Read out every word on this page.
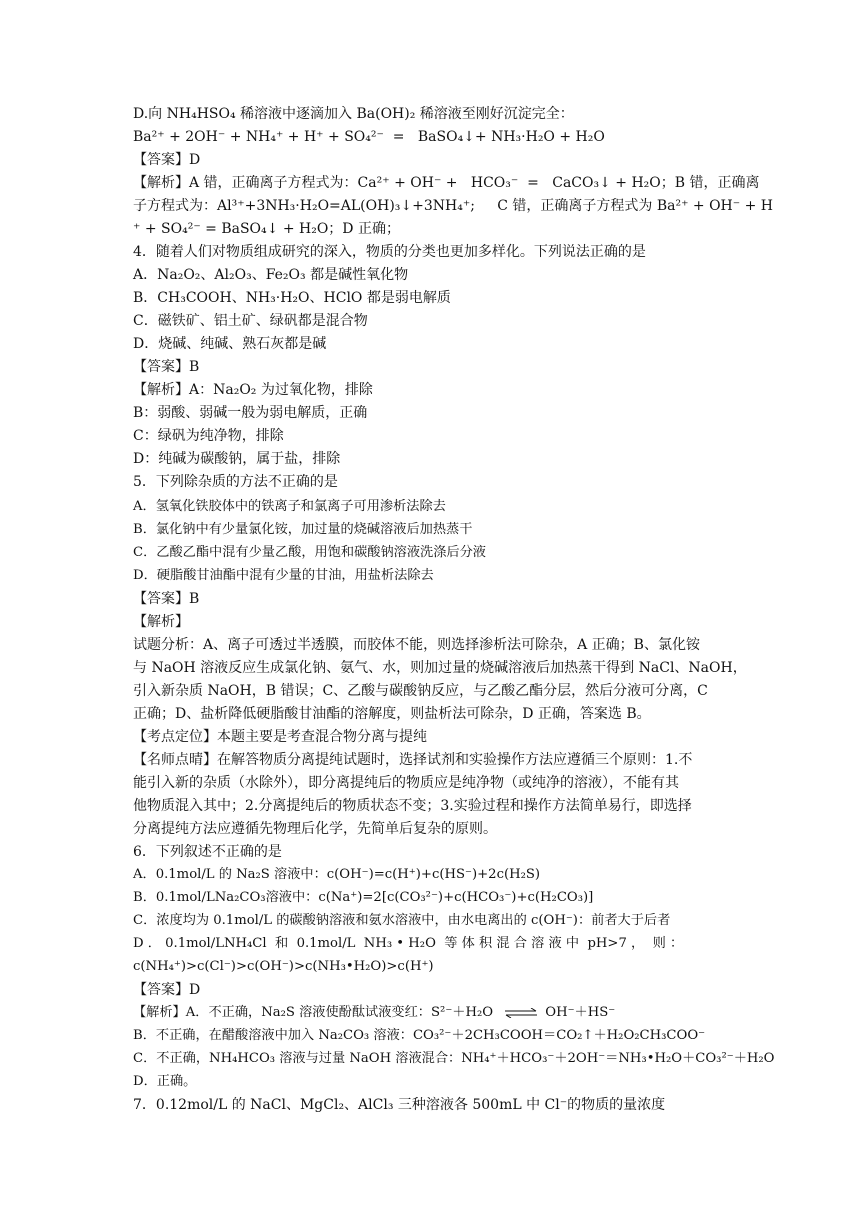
D.向 NH₄HSO₄ 稀溶液中逐滴加入 Ba(OH)₂ 稀溶液至刚好沉淀完全：
Ba²⁺ + 2OH⁻ + NH₄⁺ + H⁺ + SO₄²⁻  =   BaSO₄↓+ NH₃·H₂O + H₂O
【答案】D
【解析】A 错，正确离子方程式为：Ca²⁺ + OH⁻ +   HCO₃⁻  =   CaCO₃↓ + H₂O；B 错，正确离
子方程式为：Al³⁺+3NH₃·H₂O=AL(OH)₃↓+3NH₄⁺;     C 错，正确离子方程式为 Ba²⁺ + OH⁻ + H
⁺ + SO₄²⁻ = BaSO₄↓ + H₂O；D 正确；
4．随着人们对物质组成研究的深入，物质的分类也更加多样化。下列说法正确的是
A．Na₂O₂、Al₂O₃、Fe₂O₃ 都是碱性氧化物
B．CH₃COOH、NH₃·H₂O、HClO 都是弱电解质
C．磁铁矿、铝土矿、绿矾都是混合物
D．烧碱、纯碱、熟石灰都是碱
【答案】B
【解析】A：Na₂O₂ 为过氧化物，排除
B：弱酸、弱碱一般为弱电解质，正确
C：绿矾为纯净物，排除
D：纯碱为碳酸钠，属于盐，排除
5．下列除杂质的方法不正确的是
A．氢氧化铁胶体中的铁离子和氯离子可用渗析法除去
B．氯化钠中有少量氯化铵，加过量的烧碱溶液后加热蒸干
C．乙酸乙酯中混有少量乙酸，用饱和碳酸钠溶液洗涤后分液
D．硬脂酸甘油酯中混有少量的甘油，用盐析法除去
【答案】B
【解析】
试题分析：A、离子可透过半透膜，而胶体不能，则选择渗析法可除杂，A 正确；B、氯化铵
与 NaOH 溶液反应生成氯化钠、氨气、水，则加过量的烧碱溶液后加热蒸干得到 NaCl、NaOH，
引入新杂质 NaOH，B 错误；C、乙酸与碳酸钠反应，与乙酸乙酯分层，然后分液可分离，C
正确；D、盐析降低硬脂酸甘油酯的溶解度，则盐析法可除杂，D 正确，答案选 B。
【考点定位】本题主要是考查混合物分离与提纯
【名师点晴】在解答物质分离提纯试题时，选择试剂和实验操作方法应遵循三个原则：1.不
能引入新的杂质（水除外），即分离提纯后的物质应是纯净物（或纯净的溶液），不能有其
他物质混入其中；2.分离提纯后的物质状态不变；3.实验过程和操作方法简单易行，即选择
分离提纯方法应遵循先物理后化学，先简单后复杂的原则。
6．下列叙述不正确的是
A．0.1mol/L 的 Na₂S 溶液中：c(OH⁻)=c(H⁺)+c(HS⁻)+2c(H₂S)
B．0.1mol/LNa₂CO₃溶液中：c(Na⁺)=2[c(CO₃²⁻)+c(HCO₃⁻)+c(H₂CO₃)]
C．浓度均为 0.1mol/L 的碳酸钠溶液和氨水溶液中，由水电离出的 c(OH⁻)：前者大于后者
D ． 0.1mol/LNH₄Cl  和  0.1mol/L  NH₃ • H₂O  等 体 积 混 合 溶 液 中  pH>7 ，  则 ：
c(NH₄⁺)>c(Cl⁻)>c(OH⁻)>c(NH₃•H₂O)>c(H⁺)
【答案】D
【解析】A．不正确，Na₂S 溶液使酚酞试液变红：S²⁻＋H₂O ⇌ OH⁻＋HS⁻
B．不正确，在醋酸溶液中加入 Na₂CO₃ 溶液：CO₃²⁻＋2CH₃COOH＝CO₂↑＋H₂O₂CH₃COO⁻
C．不正确，NH₄HCO₃ 溶液与过量 NaOH 溶液混合：NH₄⁺＋HCO₃⁻＋2OH⁻＝NH₃•H₂O＋CO₃²⁻＋H₂O
D．正确。
7．0.12mol/L 的 NaCl、MgCl₂、AlCl₃ 三种溶液各 500mL 中 Cl⁻的物质的量浓度
